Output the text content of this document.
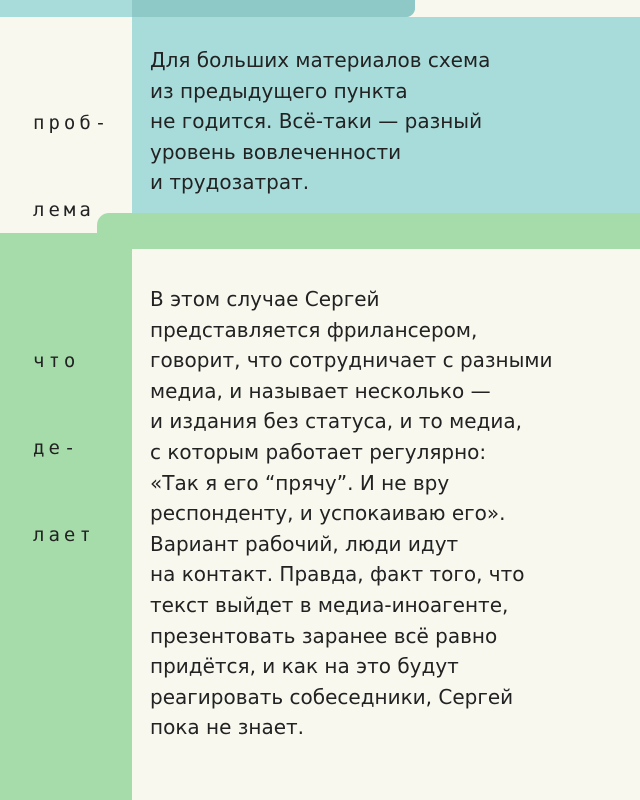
проб-

лема

Для больших материалов схема
из предыдущего пункта
не годится. Всё-таки — разный
уровень вовлеченности
и трудозатрат.

что

де-

лает

В этом случае Сергей
представляется фрилансером,
говорит, что сотрудничает с разными
медиа, и называет несколько —
и издания без статуса, и то медиа,
с которым работает регулярно:
«Так я его “прячу”. И не вру
респонденту, и успокаиваю его».
Вариант рабочий, люди идут
на контакт. Правда, факт того, что
текст выйдет в медиа-иноагенте,
презентовать заранее всё равно
придётся, и как на это будут
реагировать собеседники, Сергей
пока не знает.
